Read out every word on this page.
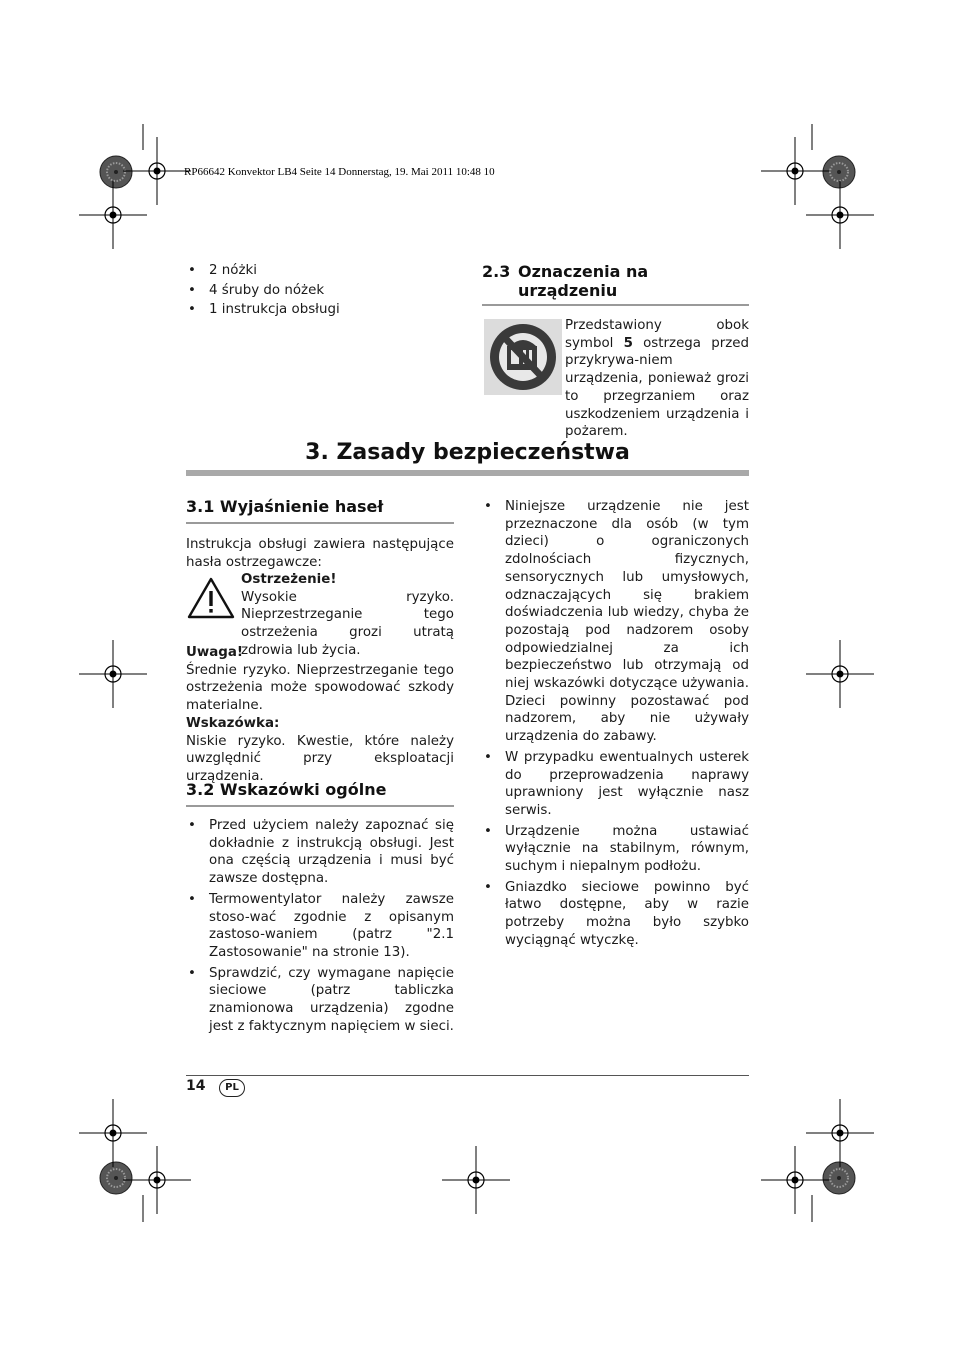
RP66642 Konvektor LB4 Seite 14 Donnerstag, 19. Mai 2011 10:48 10
• 2 nóżki
• 4 śruby do nóżek
• 1 instrukcja obsługi
2.3 Oznaczenia na
urządzeniu

Przedstawiony obok symbol 5 ostrzega przed przykrywa-niem urządzenia, ponieważ grozi to przegrzaniem oraz uszkodzeniem urządzenia i pożarem.

3. Zasady bezpieczeństwa
3.1 Wyjaśnienie haseł

Instrukcja obsługi zawiera następujące hasła ostrzegawcze:

Ostrzeżenie!

Wysokie ryzyko. Nieprzestrzeganie tego ostrzeżenia grozi utratą zdrowia lub życia.

Uwaga!

Średnie ryzyko. Nieprzestrzeganie tego ostrzeżenia może spowodować szkody materialne.

Wskazówka:

Niskie ryzyko. Kwestie, które należy uwzględnić przy eksploatacji urządzenia.

3.2 Wskazówki ogólne
• Przed użyciem należy zapoznać się dokładnie z instrukcją obsługi. Jest ona częścią urządzenia i musi być zawsze dostępna.
• Termowentylator należy zawsze stoso-wać zgodnie z opisanym zastoso-waniem (patrz "2.1 Zastosowanie" na stronie 13).
• Sprawdzić, czy wymagane napięcie sieciowe (patrz tabliczka znamionowa urządzenia) zgodne jest z faktycznym napięciem w sieci.
• Niniejsze urządzenie nie jest przeznaczone dla osób (w tym dzieci) o ograniczonych zdolnościach fizycznych, sensorycznych lub umysłowych, odznaczających się brakiem doświadczenia lub wiedzy, chyba że pozostają pod nadzorem osoby odpowiedzialnej za ich bezpieczeństwo lub otrzymają od niej wskazówki dotyczące używania. Dzieci powinny pozostawać pod nadzorem, aby nie używały urządzenia do zabawy.
• W przypadku ewentualnych usterek do przeprowadzenia naprawy uprawniony jest wyłącznie nasz serwis.
• Urządzenie można ustawiać wyłącznie na stabilnym, równym, suchym i niepalnym podłożu.
• Gniazdko sieciowe powinno być łatwo dostępne, aby w razie potrzeby można było szybko wyciągnąć wtyczkę.
14	PL
